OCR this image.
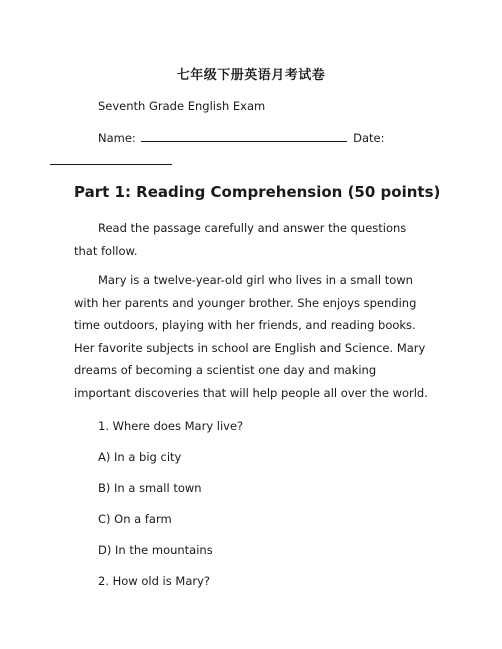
七年级下册英语月考试卷
Seventh Grade English Exam
Name:	Date:

Part 1: Reading Comprehension (50 points)
Read the passage carefully and answer the questions that follow.
Mary is a twelve-year-old girl who lives in a small town with her parents and younger brother. She enjoys spending time outdoors, playing with her friends, and reading books. Her favorite subjects in school are English and Science. Mary dreams of becoming a scientist one day and making important discoveries that will help people all over the world.
1. Where does Mary live?
A) In a big city
B) In a small town
C) On a farm
D) In the mountains
2. How old is Mary?
